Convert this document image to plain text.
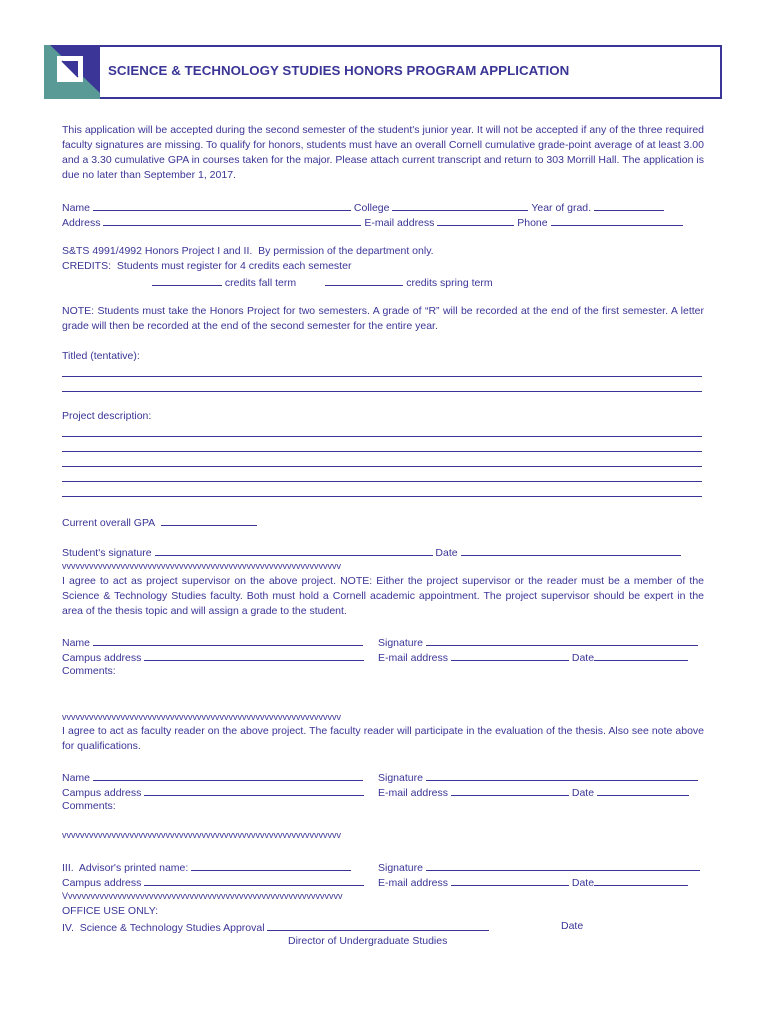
SCIENCE & TECHNOLOGY STUDIES HONORS PROGRAM APPLICATION
This application will be accepted during the second semester of the student's junior year. It will not be accepted if any of the three required faculty signatures are missing. To qualify for honors, students must have an overall Cornell cumulative grade-point average of at least 3.00 and a 3.30 cumulative GPA in courses taken for the major. Please attach current transcript and return to 303 Morrill Hall. The application is due no later than September 1, 2017.
Name	College	Year of grad.
Address	E-mail address	Phone
S&TS 4991/4992 Honors Project I and II.  By permission of the department only.
CREDITS:  Students must register for 4 credits each semester
credits fall term	credits spring term
NOTE: Students must take the Honors Project for two semesters. A grade of “R” will be recorded at the end of the first semester. A letter grade will then be recorded at the end of the second semester for the entire year.
Titled (tentative):
Project description:
Current overall GPA
Student's signature	Date
vvvvvvvvvvvvvvvvvvvvvvvvvvvvvvvvvvvvvvvvvvvvvvvvvvvvvvvvvvvvvv
I agree to act as project supervisor on the above project. NOTE: Either the project supervisor or the reader must be a member of the Science & Technology Studies faculty. Both must hold a Cornell academic appointment. The project supervisor should be expert in the area of the thesis topic and will assign a grade to the student.
Name	Signature
Campus address	E-mail address	Date
Comments:
vvvvvvvvvvvvvvvvvvvvvvvvvvvvvvvvvvvvvvvvvvvvvvvvvvvvvvvvvvvvvv
I agree to act as faculty reader on the above project. The faculty reader will participate in the evaluation of the thesis. Also see note above for qualifications.
Name	Signature
Campus address	E-mail address	Date
Comments:
vvvvvvvvvvvvvvvvvvvvvvvvvvvvvvvvvvvvvvvvvvvvvvvvvvvvvvvvvvvvvv
III.  Advisor's printed name:	Signature
Campus address	E-mail address	Date
Vvvvvvvvvvvvvvvvvvvvvvvvvvvvvvvvvvvvvvvvvvvvvvvvvvvvvvvvvvvvvv
OFFICE USE ONLY:
IV.  Science & Technology Studies Approval	Date
Director of Undergraduate Studies
